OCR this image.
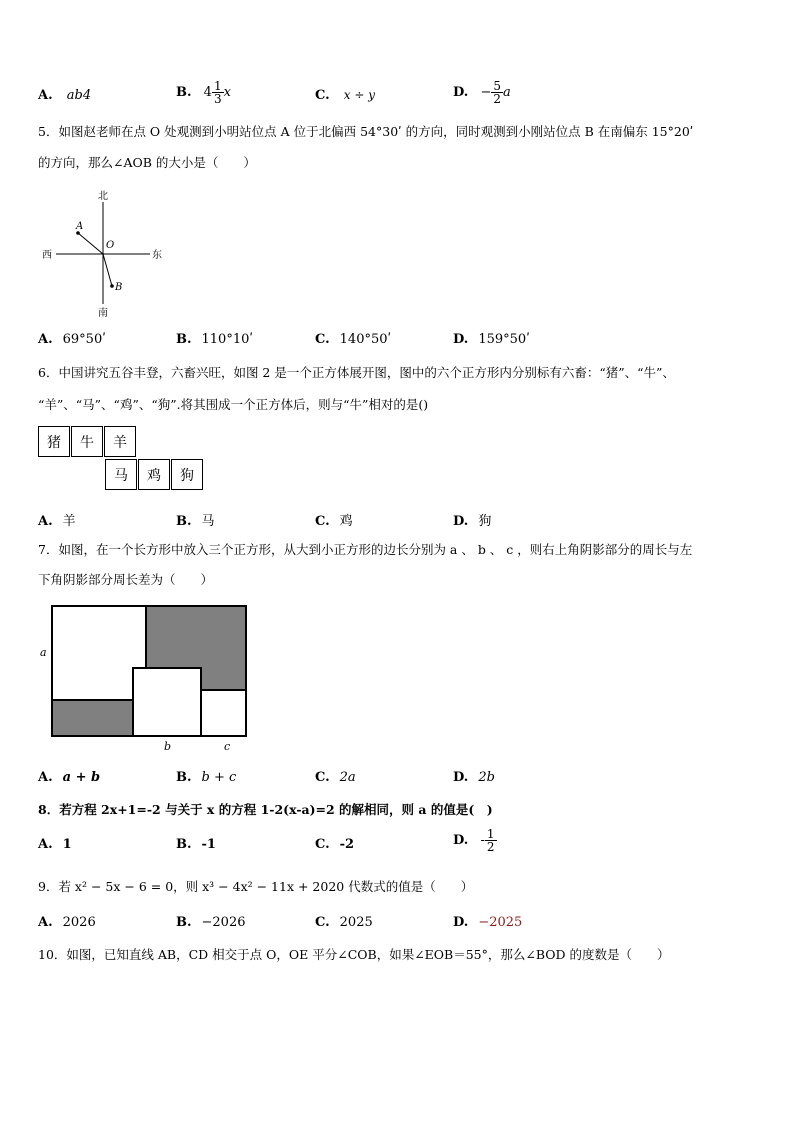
A. ab4	B. $4 \frac{1}{3}$ x	C. x ÷ y	D. − $\frac{5}{2}$ a
5．如图赵老师在点 O 处观测到小明站位点 A 位于北偏西 54°30ʹ 的方向，同时观测到小刚站位点 B 在南偏东 15°20ʹ
的方向，那么∠AOB 的大小是（　　）
北
南
西	东
A
B
O
A. 69°50ʹ	B. 110°10ʹ	C. 140°50ʹ	D. 159°50ʹ
6．中国讲究五谷丰登，六畜兴旺，如图 2 是一个正方体展开图，图中的六个正方形内分别标有六畜：“猪”、“牛”、
“羊”、“马”、“鸡”、“狗”.将其围成一个正方体后，则与“牛”相对的是()
猪	牛	羊
马	鸡	狗
A. 羊	B. 马	C. 鸡	D. 狗
7．如图，在一个长方形中放入三个正方形，从大到小正方形的边长分别为 a 、 b 、 c ，则右上角阴影部分的周长与左
下角阴影部分周长差为（　　）
a
b	c
A. a + b	B. b + c	C. 2a	D. 2b
8．若方程 2x+1=-2 与关于 x 的方程 1-2(x-a)=2 的解相同，则 a 的值是(　)
A. 1	B. -1	C. -2	D. - $\frac{1}{2}$
9．若 x² − 5x − 6 = 0，则 x³ − 4x² − 11x + 2020 代数式的值是（　　）
A. 2026	B. −2026	C. 2025	D. −2025
10．如图，已知直线 AB，CD 相交于点 O，OE 平分∠COB，如果∠EOB＝55°，那么∠BOD 的度数是（　　）
